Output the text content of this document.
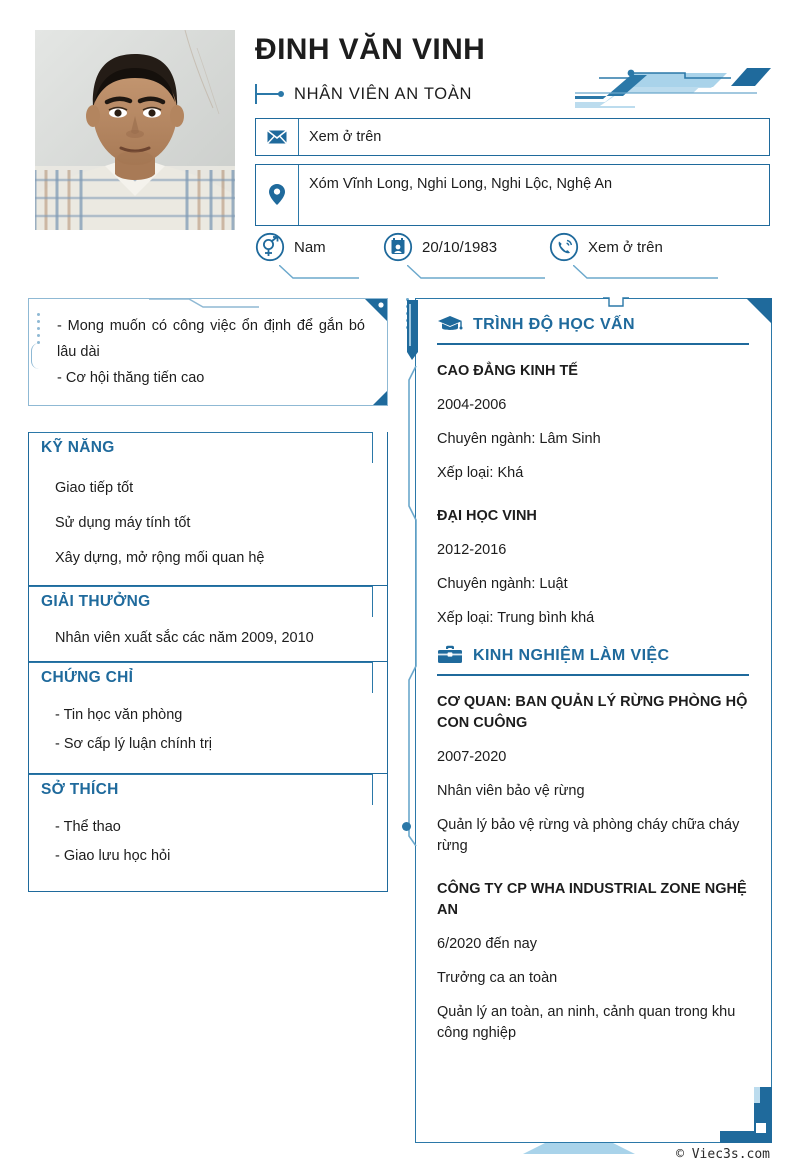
ĐINH VĂN VINH
NHÂN VIÊN AN TOÀN
Xem ở trên
Xóm Vĩnh Long, Nghi Long, Nghi Lộc, Nghệ An
Nam	20/10/1983	Xem ở trên
- Mong muốn có công việc ổn định để gắn bó lâu dài
- Cơ hội thăng tiến cao
KỸ NĂNG
Giao tiếp tốt
Sử dụng máy tính tốt
Xây dựng, mở rộng mối quan hệ
GIẢI THƯỞNG
Nhân viên xuất sắc các năm 2009, 2010
CHỨNG CHỈ
- Tin học văn phòng
- Sơ cấp lý luận chính trị
SỞ THÍCH
- Thể thao
- Giao lưu học hỏi
TRÌNH ĐỘ HỌC VẤN
CAO ĐẲNG KINH TẾ
2004-2006
Chuyên ngành: Lâm Sinh
Xếp loại: Khá
ĐẠI HỌC VINH
2012-2016
Chuyên ngành: Luật
Xếp loại: Trung bình khá
KINH NGHIỆM LÀM VIỆC
CƠ QUAN: BAN QUẢN LÝ RỪNG PHÒNG HỘ CON CUÔNG
2007-2020
Nhân viên bảo vệ rừng
Quản lý bảo vệ rừng và phòng cháy chữa cháy rừng
CÔNG TY CP WHA INDUSTRIAL ZONE NGHỆ AN
6/2020 đến nay
Trưởng ca an toàn
Quản lý an toàn, an ninh, cảnh quan trong khu công nghiệp
© Viec3s.com
